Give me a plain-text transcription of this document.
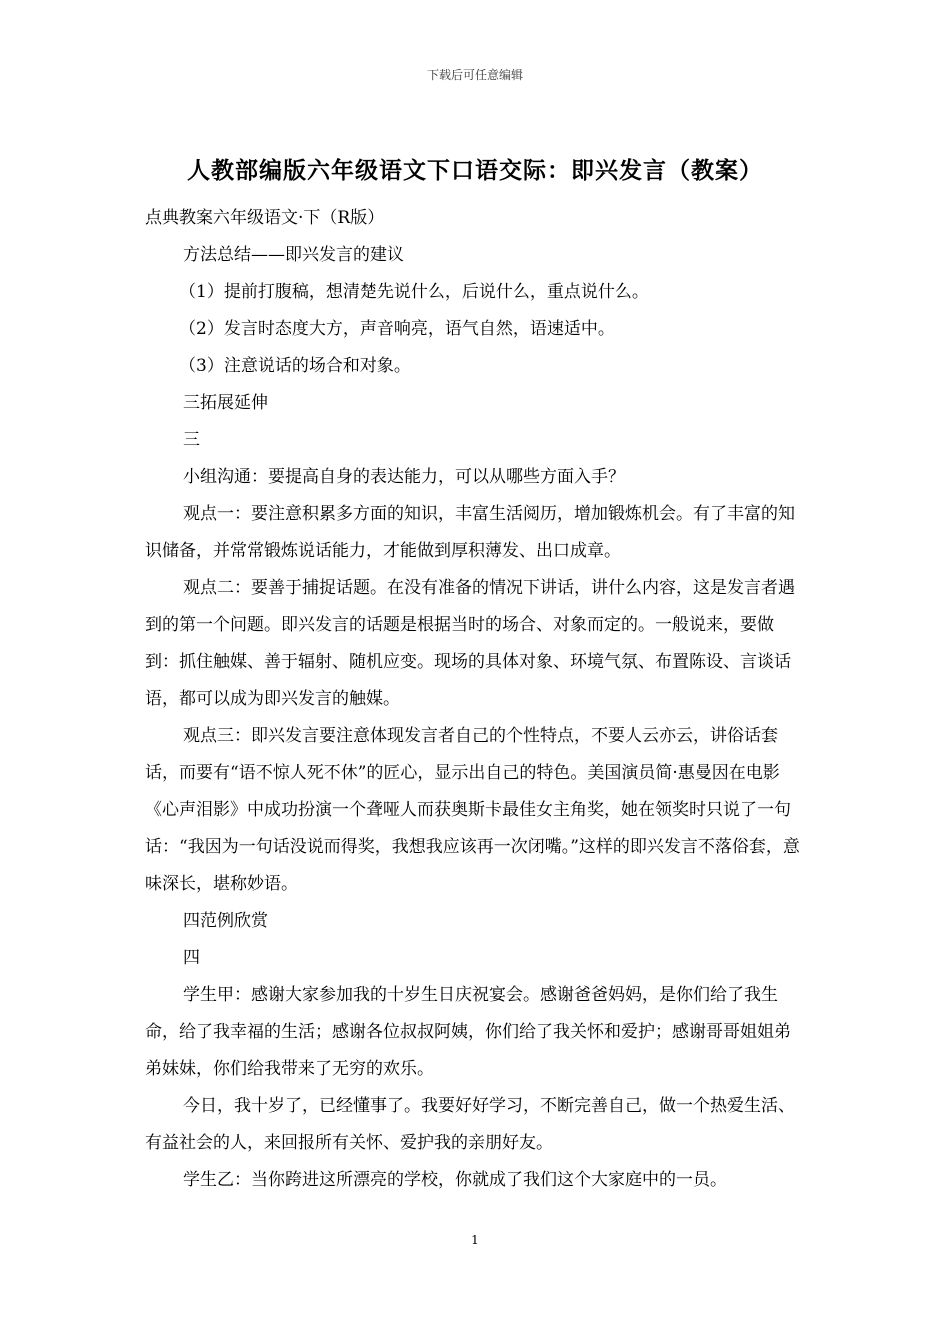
下载后可任意编辑
人教部编版六年级语文下口语交际：即兴发言（教案）

点典教案六年级语文·下（R版）

方法总结——即兴发言的建议

（1）提前打腹稿，想清楚先说什么，后说什么，重点说什么。

（2）发言时态度大方，声音响亮，语气自然，语速适中。

（3）注意说话的场合和对象。

三拓展延伸

三

小组沟通：要提高自身的表达能力，可以从哪些方面入手？

观点一：要注意积累多方面的知识，丰富生活阅历，增加锻炼机会。有了丰富的知识储备，并常常锻炼说话能力，才能做到厚积薄发、出口成章。

观点二：要善于捕捉话题。在没有准备的情况下讲话，讲什么内容，这是发言者遇到的第一个问题。即兴发言的话题是根据当时的场合、对象而定的。一般说来，要做到：抓住触媒、善于辐射、随机应变。现场的具体对象、环境气氛、布置陈设、言谈话语，都可以成为即兴发言的触媒。

观点三：即兴发言要注意体现发言者自己的个性特点，不要人云亦云，讲俗话套话，而要有“语不惊人死不休”的匠心，显示出自己的特色。美国演员简·惠曼因在电影《心声泪影》中成功扮演一个聋哑人而获奥斯卡最佳女主角奖，她在领奖时只说了一句话：“我因为一句话没说而得奖，我想我应该再一次闭嘴。”这样的即兴发言不落俗套，意味深长，堪称妙语。

四范例欣赏

四

学生甲：感谢大家参加我的十岁生日庆祝宴会。感谢爸爸妈妈，是你们给了我生命，给了我幸福的生活；感谢各位叔叔阿姨，你们给了我关怀和爱护；感谢哥哥姐姐弟弟妹妹，你们给我带来了无穷的欢乐。

今日，我十岁了，已经懂事了。我要好好学习，不断完善自己，做一个热爱生活、有益社会的人，来回报所有关怀、爱护我的亲朋好友。

学生乙：当你跨进这所漂亮的学校，你就成了我们这个大家庭中的一员。

1
